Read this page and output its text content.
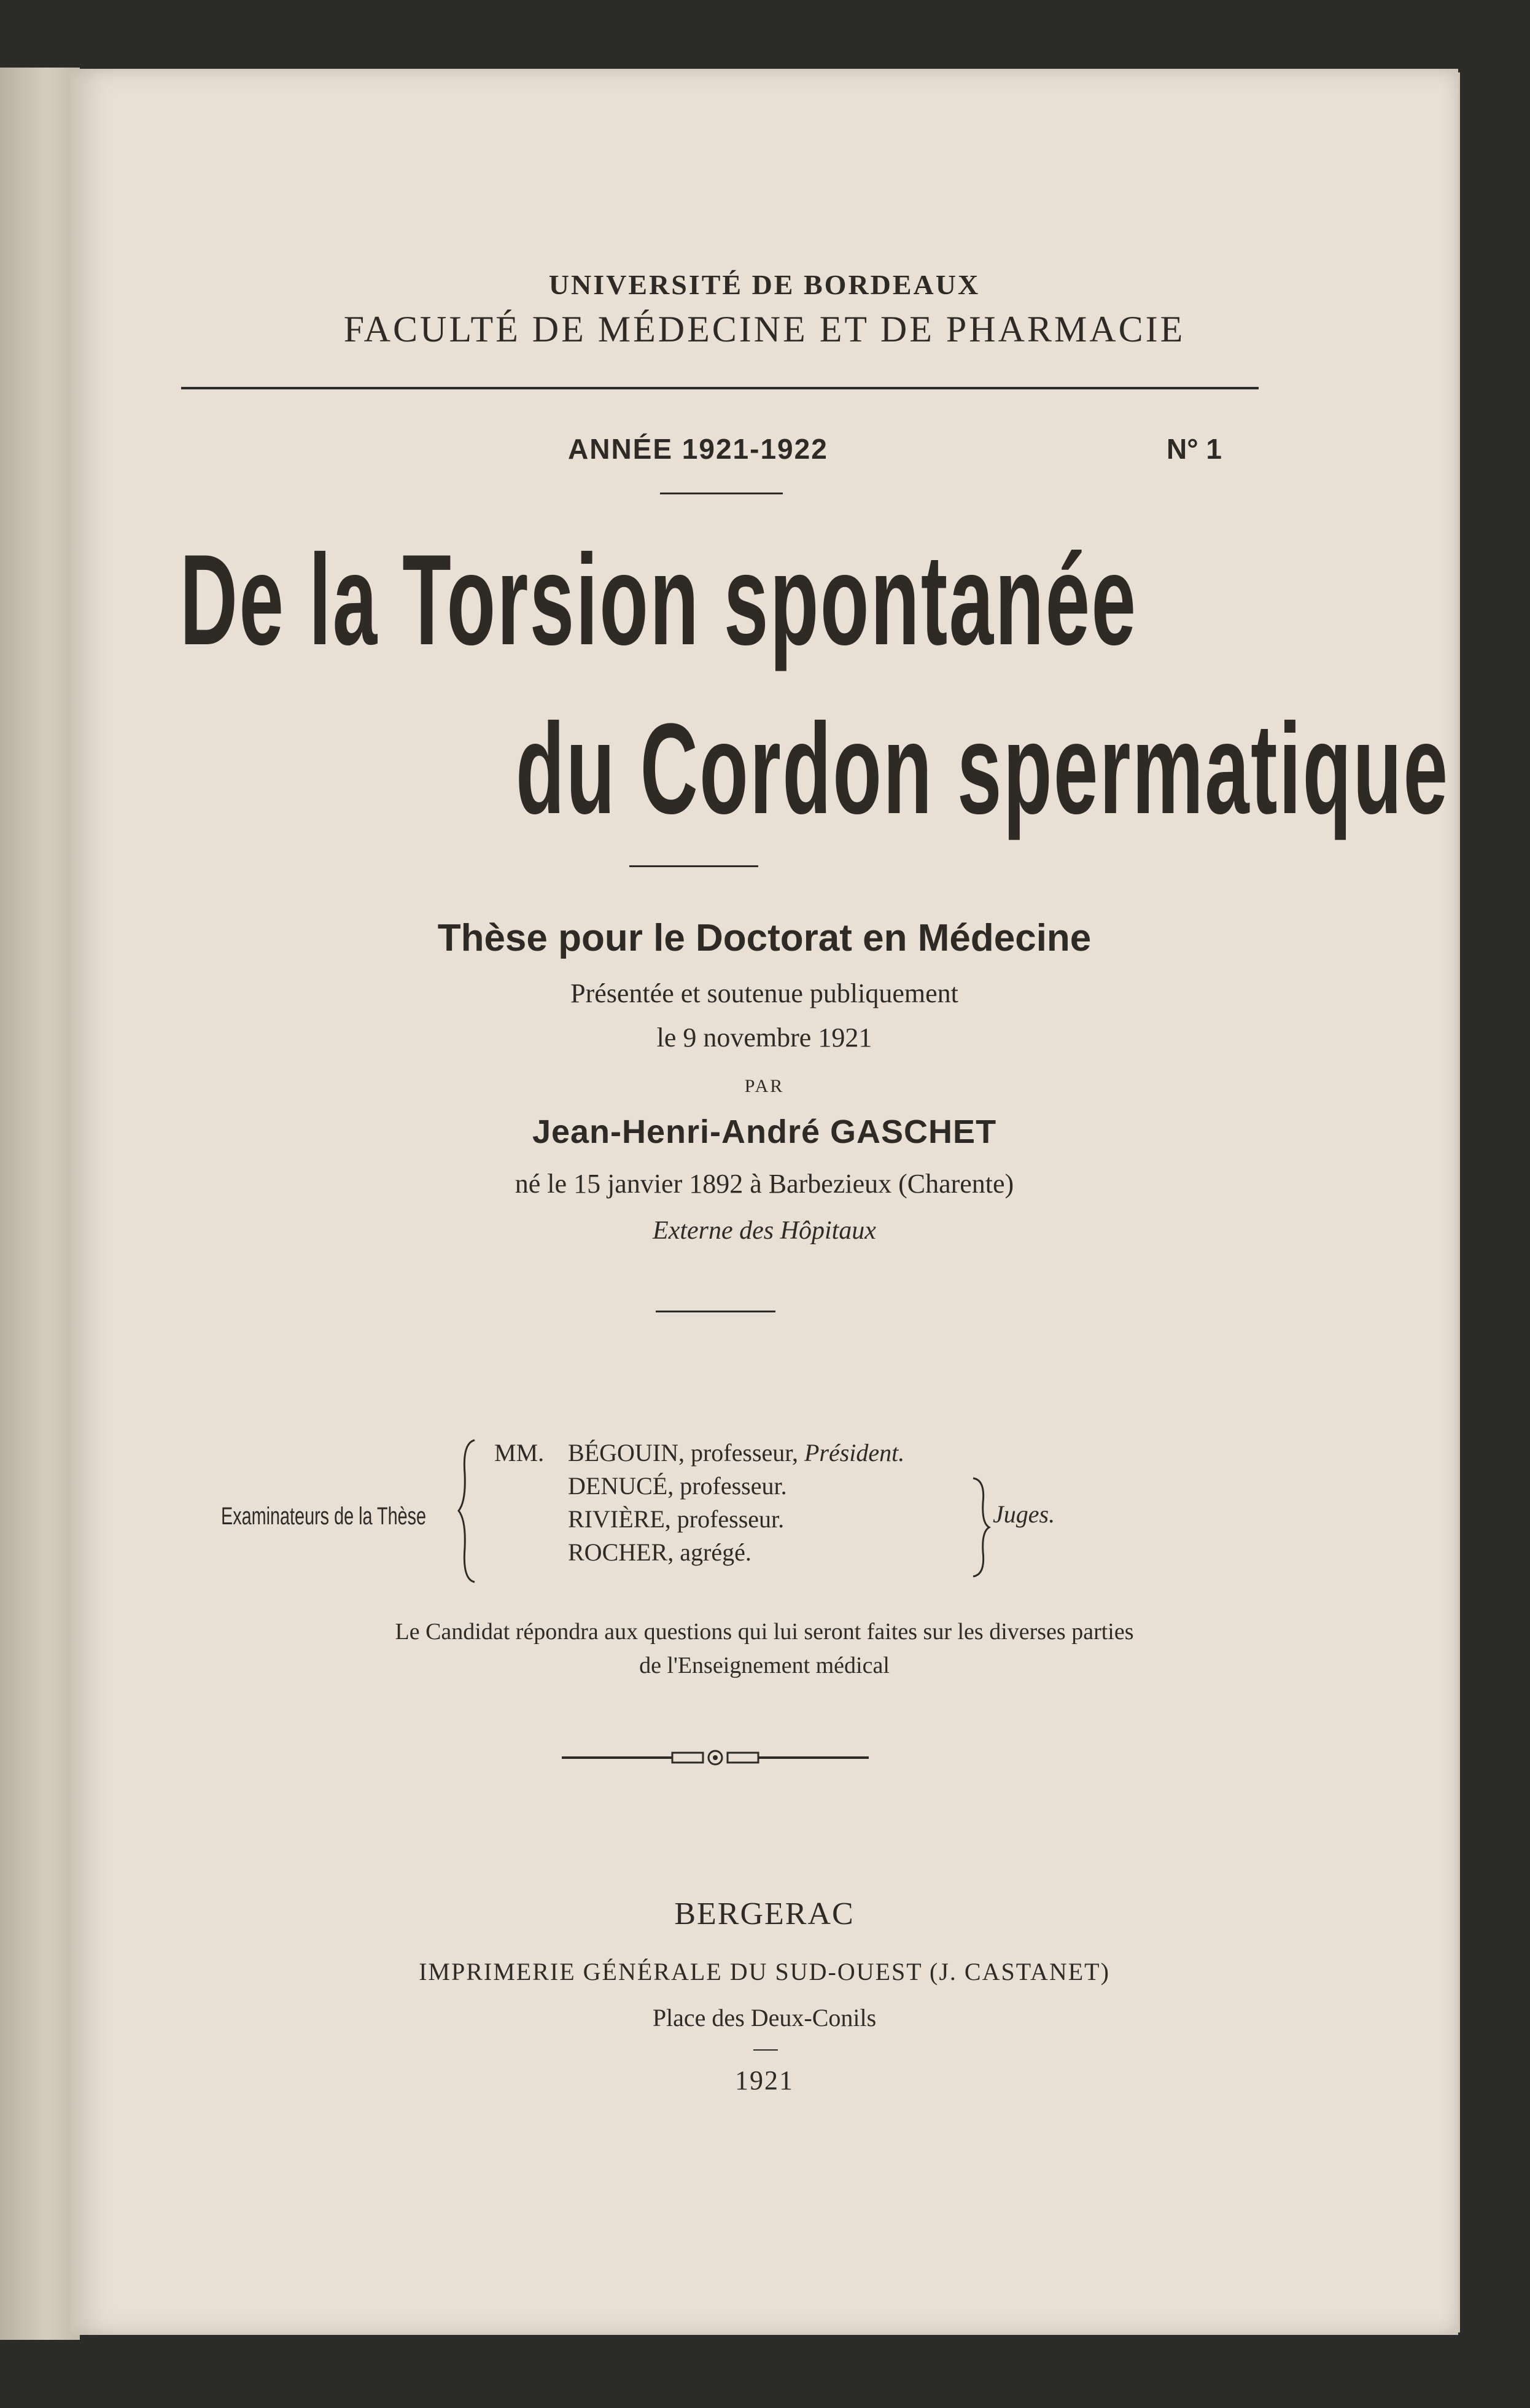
UNIVERSITÉ DE BORDEAUX
FACULTÉ DE MÉDECINE ET DE PHARMACIE
ANNÉE 1921-1922	N° 1
De la Torsion spontanée
du Cordon spermatique
Thèse pour le Doctorat en Médecine
Présentée et soutenue publiquement
le 9 novembre 1921
PAR
Jean-Henri-André GASCHET
né le 15 janvier 1892 à Barbezieux (Charente)
Externe des Hôpitaux
Examinateurs de la Thèse
MM. BÉGOUIN, professeur, Président.
DENUCÉ, professeur.
RIVIÈRE, professeur.
ROCHER, agrégé.
Juges.
Le Candidat répondra aux questions qui lui seront faites sur les diverses parties
de l'Enseignement médical
BERGERAC
IMPRIMERIE GÉNÉRALE DU SUD-OUEST (J. CASTANET)
Place des Deux-Conils
1921
